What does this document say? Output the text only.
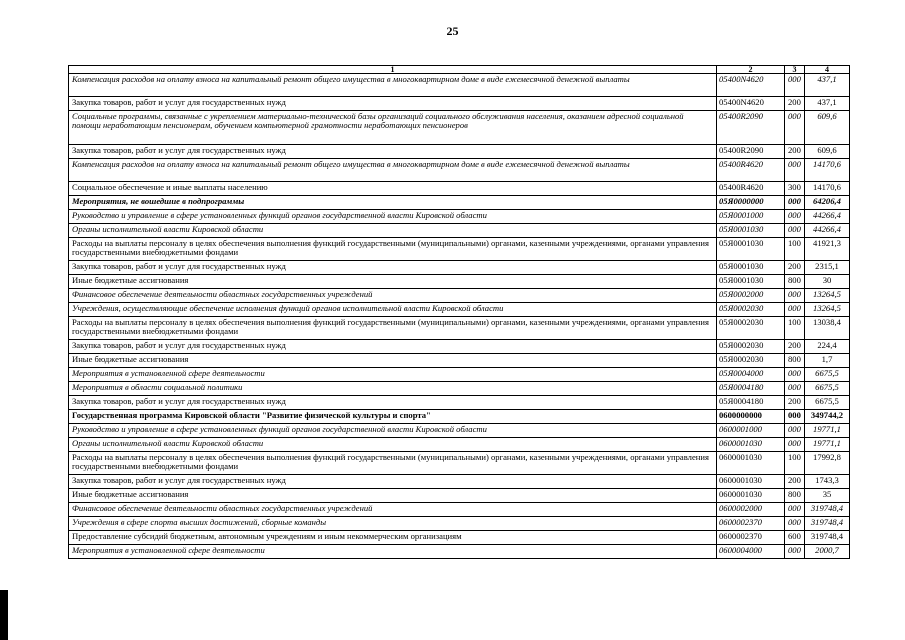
25
1	2	3	4
Компенсация расходов на оплату взноса на капитальный ремонт общего имущества в многоквартирном доме в виде ежемесячной денежной выплаты	05400N4620	000	437,1
Закупка товаров, работ и услуг для государственных нужд	05400N4620	200	437,1
Социальные программы, связанные с укреплением материально-технической базы организаций социального обслуживания населения, оказанием адресной социальной помощи неработающим пенсионерам, обучением компьютерной грамотности неработающих пенсионеров	05400R2090	000	609,6
Закупка товаров, работ и услуг для государственных нужд	05400R2090	200	609,6
Компенсация расходов на оплату взноса на капитальный ремонт общего имущества в многоквартирном доме в виде ежемесячной денежной выплаты	05400R4620	000	14170,6
Социальное обеспечение и иные выплаты населению	05400R4620	300	14170,6
Мероприятия, не вошедшие в подпрограммы	05Я0000000	000	64206,4
Руководство и управление в сфере установленных функций органов государственной власти Кировской области	05Я0001000	000	44266,4
Органы исполнительной власти Кировской области	05Я0001030	000	44266,4
Расходы на выплаты персоналу в целях обеспечения выполнения функций государственными (муниципальными) органами, казенными учреждениями, органами управления государственными внебюджетными фондами	05Я0001030	100	41921,3
Закупка товаров, работ и услуг для государственных нужд	05Я0001030	200	2315,1
Иные бюджетные ассигнования	05Я0001030	800	30
Финансовое обеспечение деятельности областных государственных учреждений	05Я0002000	000	13264,5
Учреждения, осуществляющие обеспечение исполнения функций органов исполнительной власти Кировской области	05Я0002030	000	13264,5
Расходы на выплаты персоналу в целях обеспечения выполнения функций государственными (муниципальными) органами, казенными учреждениями, органами управления государственными внебюджетными фондами	05Я0002030	100	13038,4
Закупка товаров, работ и услуг для государственных нужд	05Я0002030	200	224,4
Иные бюджетные ассигнования	05Я0002030	800	1,7
Мероприятия в установленной сфере деятельности	05Я0004000	000	6675,5
Мероприятия в области социальной политики	05Я0004180	000	6675,5
Закупка товаров, работ и услуг для государственных нужд	05Я0004180	200	6675,5
Государственная программа Кировской области "Развитие физической культуры и спорта"	0600000000	000	349744,2
Руководство и управление в сфере установленных функций органов государственной власти Кировской области	0600001000	000	19771,1
Органы исполнительной власти Кировской области	0600001030	000	19771,1
Расходы на выплаты персоналу в целях обеспечения выполнения функций государственными (муниципальными) органами, казенными учреждениями, органами управления государственными внебюджетными фондами	0600001030	100	17992,8
Закупка товаров, работ и услуг для государственных нужд	0600001030	200	1743,3
Иные бюджетные ассигнования	0600001030	800	35
Финансовое обеспечение деятельности областных государственных учреждений	0600002000	000	319748,4
Учреждения в сфере спорта высших достижений, сборные команды	0600002370	000	319748,4
Предоставление субсидий бюджетным, автономным учреждениям и иным некоммерческим организациям	0600002370	600	319748,4
Мероприятия в установленной сфере деятельности	0600004000	000	2000,7
